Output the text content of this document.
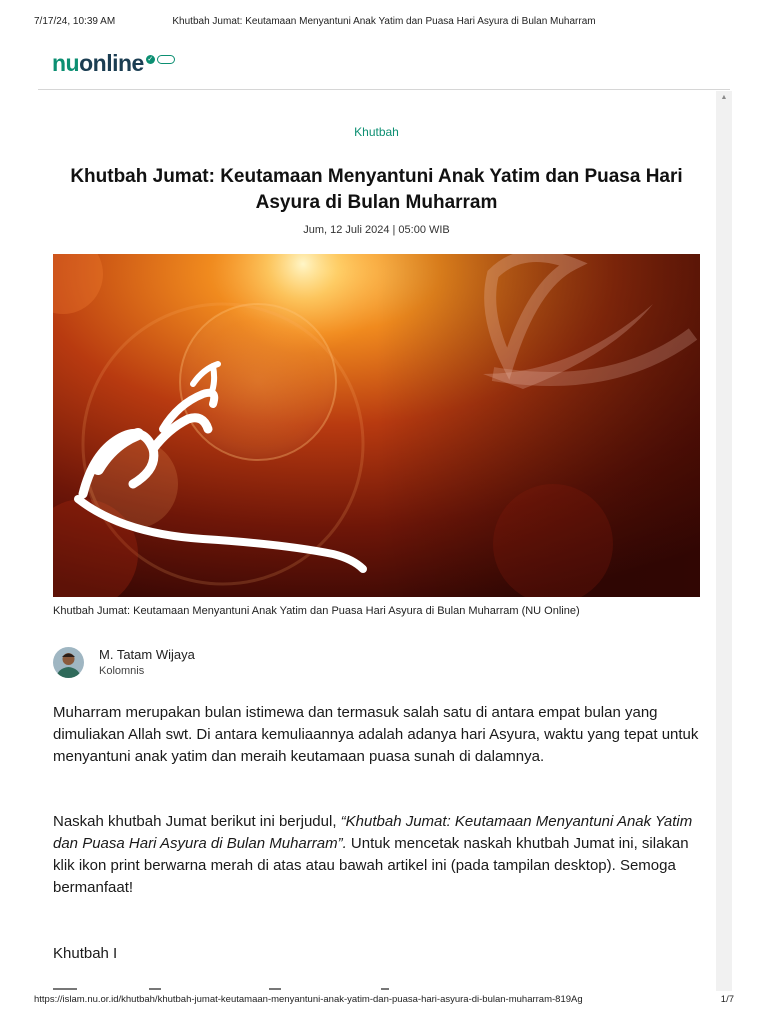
7/17/24, 10:39 AM	Khutbah Jumat: Keutamaan Menyantuni Anak Yatim dan Puasa Hari Asyura di Bulan Muharram
nuonline ✓

▲
Khutbah
Khutbah Jumat: Keutamaan Menyantuni Anak Yatim dan Puasa Hari Asyura di Bulan Muharram
Jum, 12 Juli 2024 | 05:00 WIB
Khutbah Jumat: Keutamaan Menyantuni Anak Yatim dan Puasa Hari Asyura di Bulan Muharram (NU Online)
M. Tatam Wijaya
Kolomnis

Muharram merupakan bulan istimewa dan termasuk salah satu di antara empat bulan yang dimuliakan Allah swt. Di antara kemuliaannya adalah adanya hari Asyura, waktu yang tepat untuk menyantuni anak yatim dan meraih keutamaan puasa sunah di dalamnya.

Naskah khutbah Jumat berikut ini berjudul, “Khutbah Jumat: Keutamaan Menyantuni Anak Yatim dan Puasa Hari Asyura di Bulan Muharram”. Untuk mencetak naskah khutbah Jumat ini, silakan klik ikon print berwarna merah di atas atau bawah artikel ini (pada tampilan desktop). Semoga bermanfaat!

Khutbah I

https://islam.nu.or.id/khutbah/khutbah-jumat-keutamaan-menyantuni-anak-yatim-dan-puasa-hari-asyura-di-bulan-muharram-819Ag	1/7
